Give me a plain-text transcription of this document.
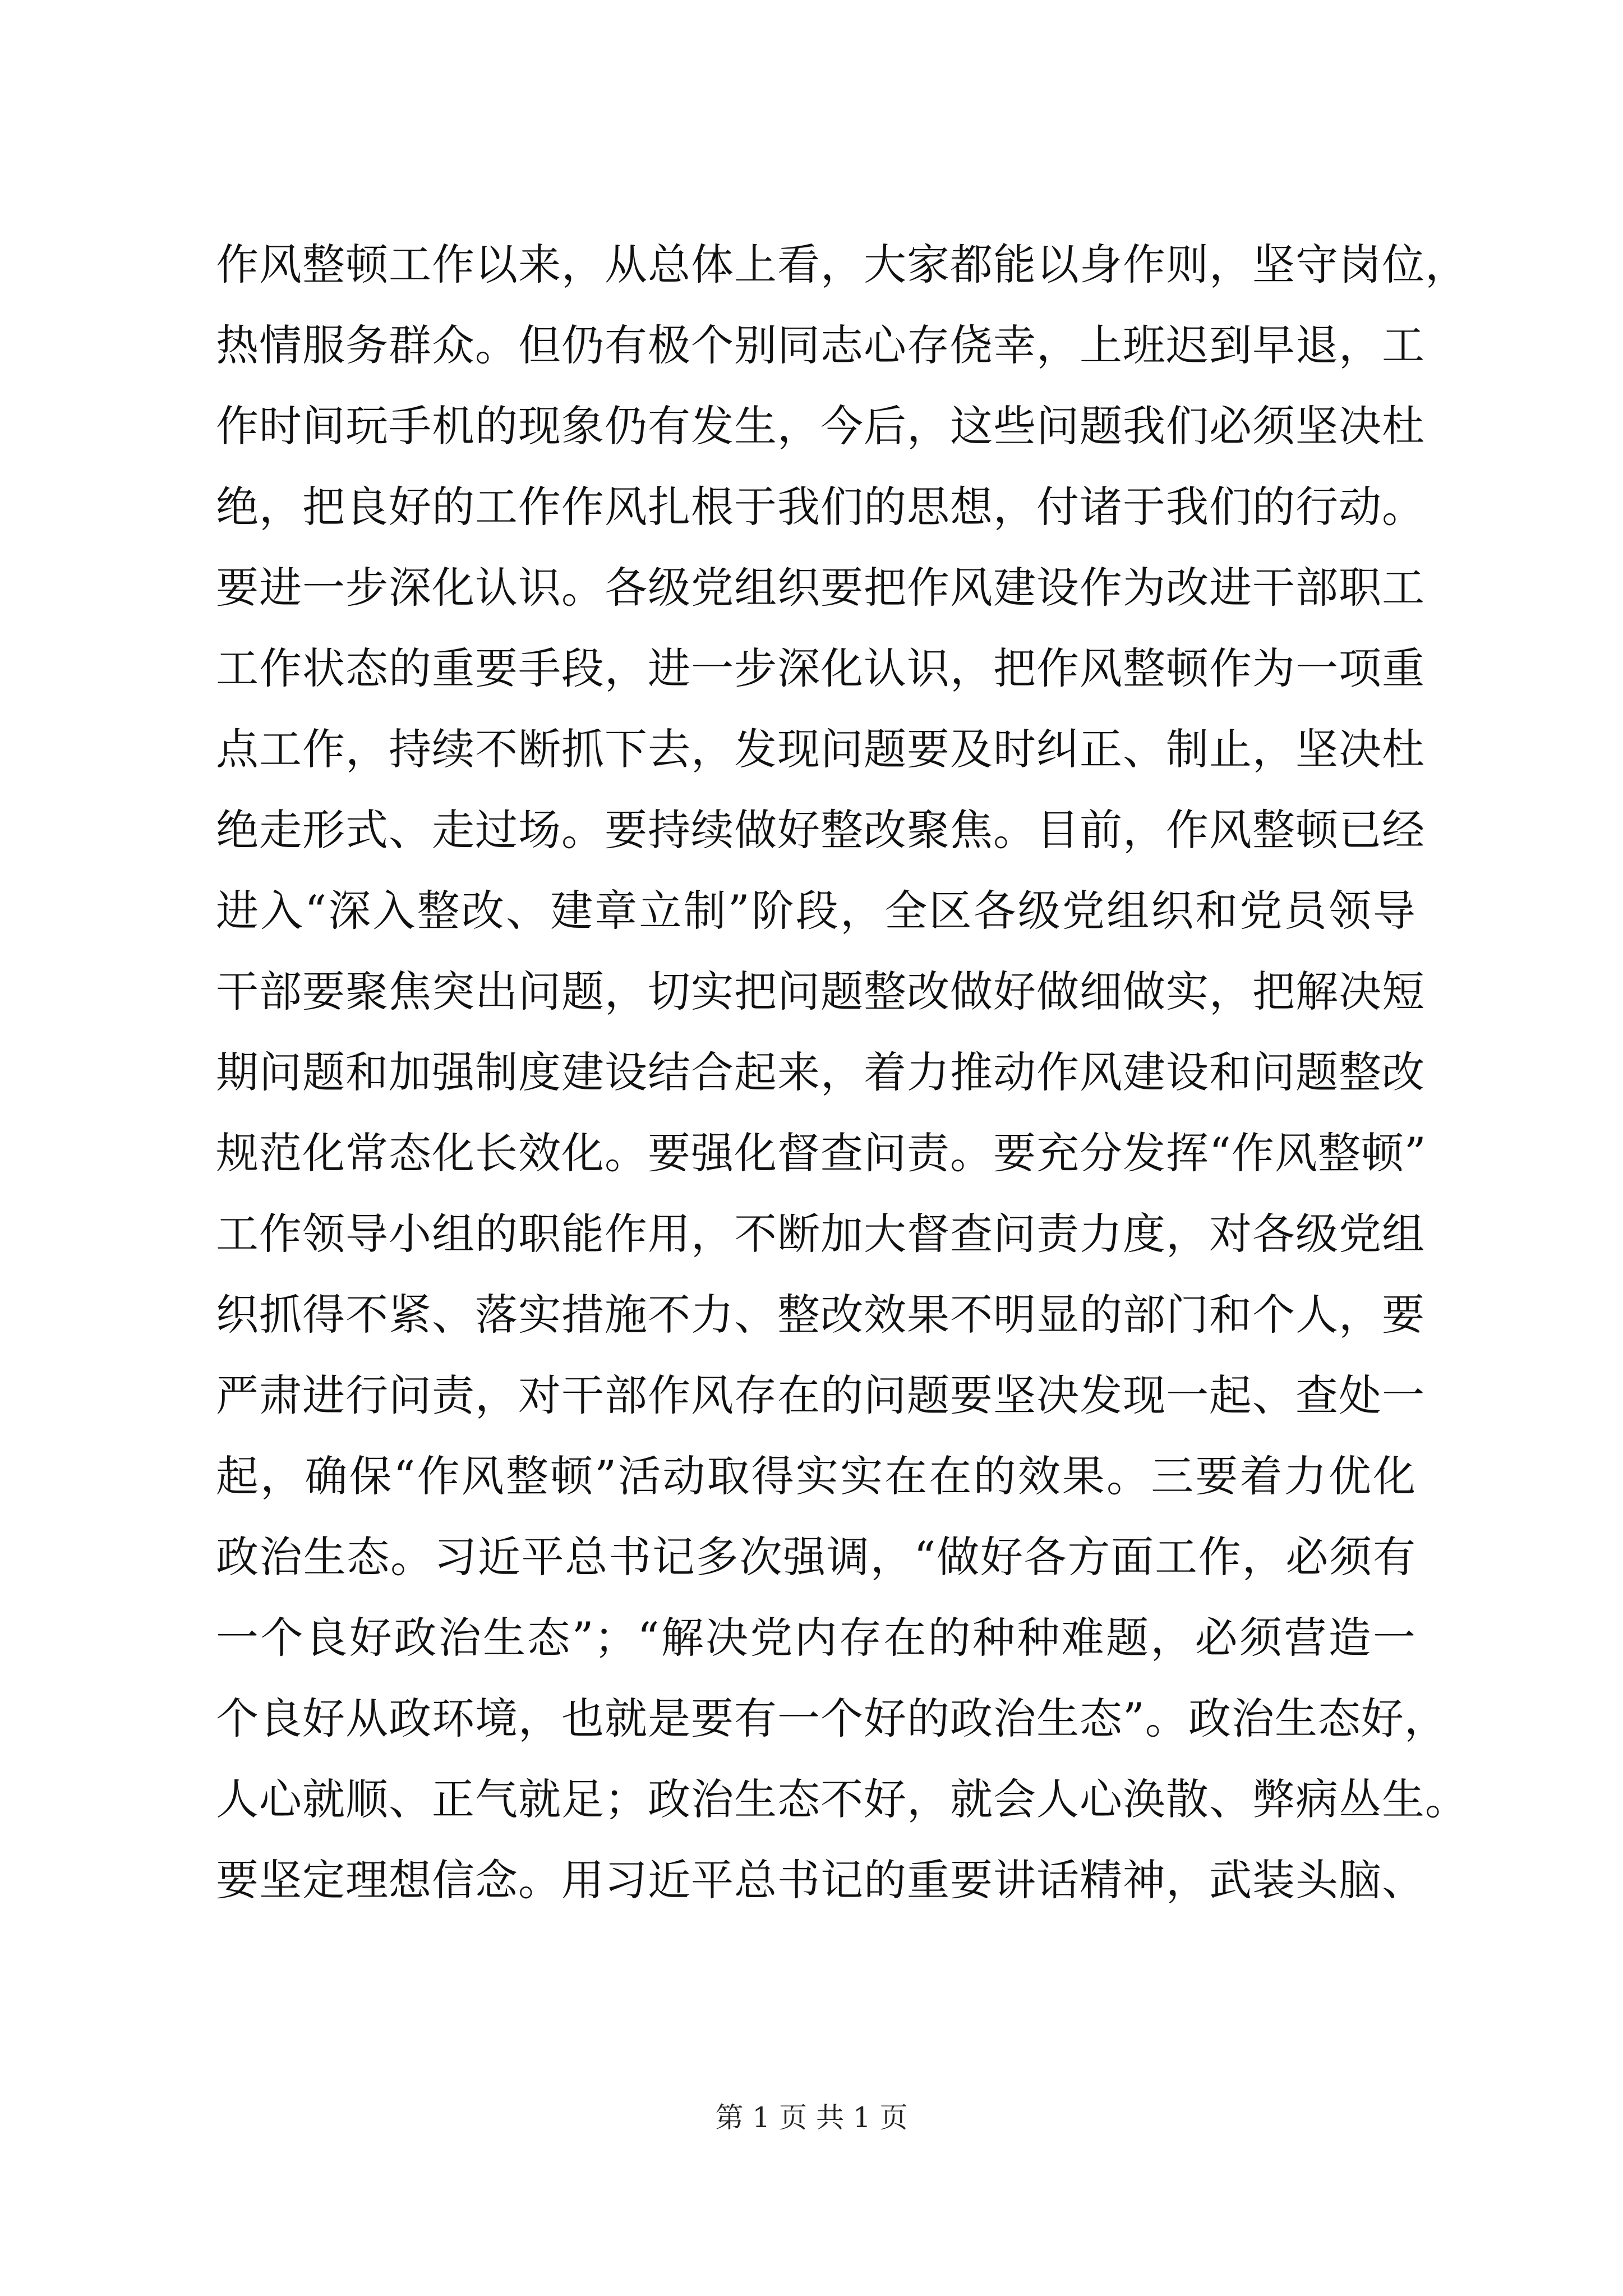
作风整顿工作以来，从总体上看，大家都能以身作则，坚守岗位，
热情服务群众。但仍有极个别同志心存侥幸，上班迟到早退，工
作时间玩手机的现象仍有发生，今后，这些问题我们必须坚决杜
绝，把良好的工作作风扎根于我们的思想，付诸于我们的行动。
要进一步深化认识。各级党组织要把作风建设作为改进干部职工
工作状态的重要手段，进一步深化认识，把作风整顿作为一项重
点工作，持续不断抓下去，发现问题要及时纠正、制止，坚决杜
绝走形式、走过场。要持续做好整改聚焦。目前，作风整顿已经
进入“深入整改、建章立制”阶段，全区各级党组织和党员领导
干部要聚焦突出问题，切实把问题整改做好做细做实，把解决短
期问题和加强制度建设结合起来，着力推动作风建设和问题整改
规范化常态化长效化。要强化督查问责。要充分发挥“作风整顿”
工作领导小组的职能作用，不断加大督查问责力度，对各级党组
织抓得不紧、落实措施不力、整改效果不明显的部门和个人，要
严肃进行问责，对干部作风存在的问题要坚决发现一起、查处一
起，确保“作风整顿”活动取得实实在在的效果。三要着力优化
政治生态。习近平总书记多次强调，“做好各方面工作，必须有
一个良好政治生态”；“解决党内存在的种种难题，必须营造一
个良好从政环境，也就是要有一个好的政治生态”。政治生态好，
人心就顺、正气就足；政治生态不好，就会人心涣散、弊病丛生。
要坚定理想信念。用习近平总书记的重要讲话精神，武装头脑、
第 1 页 共 1 页
